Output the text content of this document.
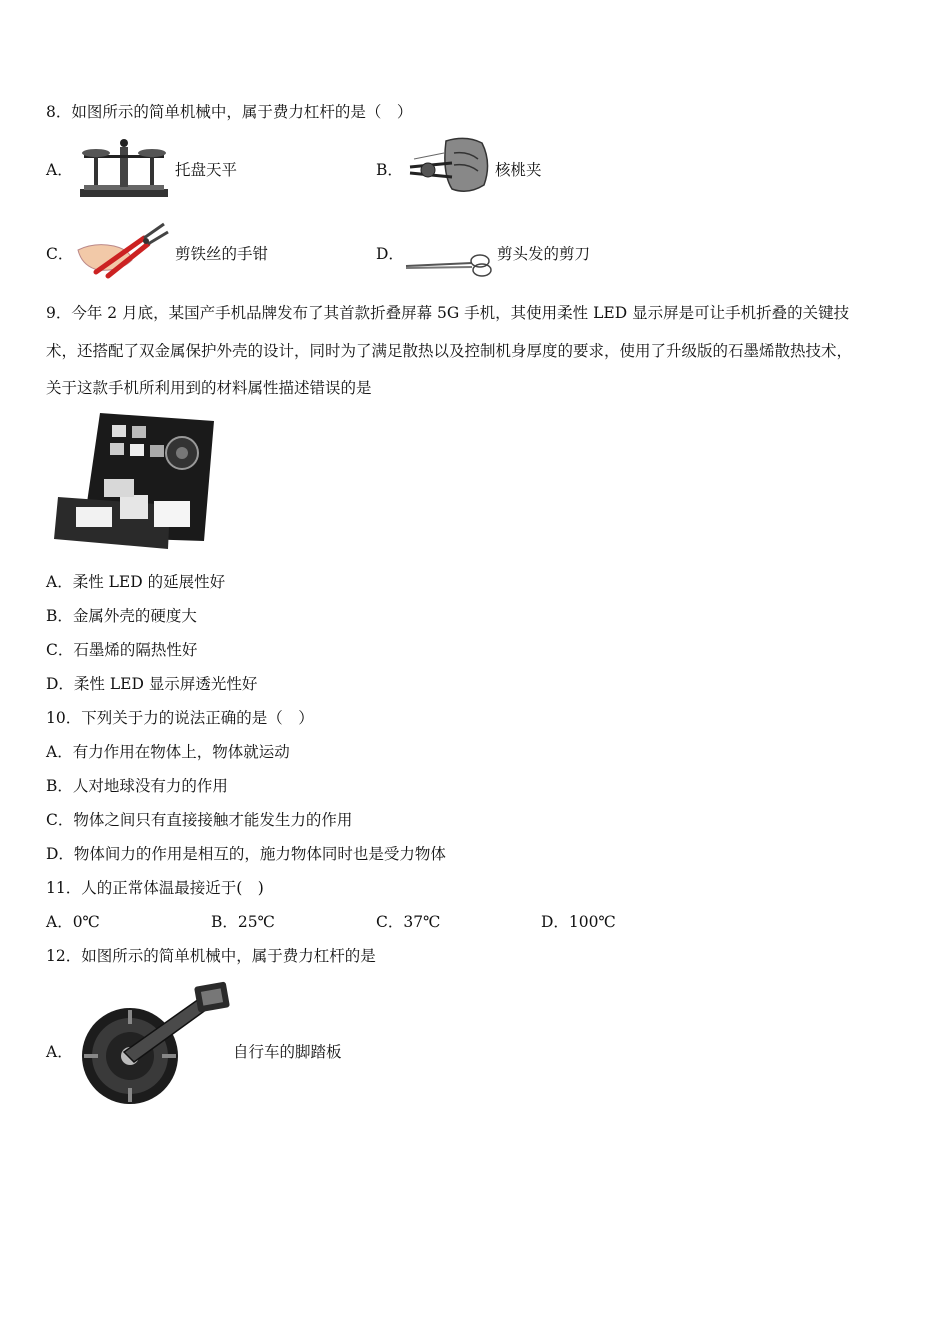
8．如图所示的简单机械中，属于费力杠杆的是（　）
A．	托盘天平	B．	核桃夹
C．	剪铁丝的手钳	D．	剪头发的剪刀
9．今年 2 月底，某国产手机品牌发布了其首款折叠屏幕 5G 手机，其使用柔性 LED 显示屏是可让手机折叠的关键技
术，还搭配了双金属保护外壳的设计，同时为了满足散热以及控制机身厚度的要求，使用了升级版的石墨烯散热技术，
关于这款手机所利用到的材料属性描述错误的是
A．柔性 LED 的延展性好
B．金属外壳的硬度大
C．石墨烯的隔热性好
D．柔性 LED 显示屏透光性好
10．下列关于力的说法正确的是（　）
A．有力作用在物体上，物体就运动
B．人对地球没有力的作用
C．物体之间只有直接接触才能发生力的作用
D．物体间力的作用是相互的，施力物体同时也是受力物体
11．人的正常体温最接近于(　)
A．0℃	B．25℃	C．37℃	D．100℃
12．如图所示的简单机械中，属于费力杠杆的是
A．	自行车的脚踏板
